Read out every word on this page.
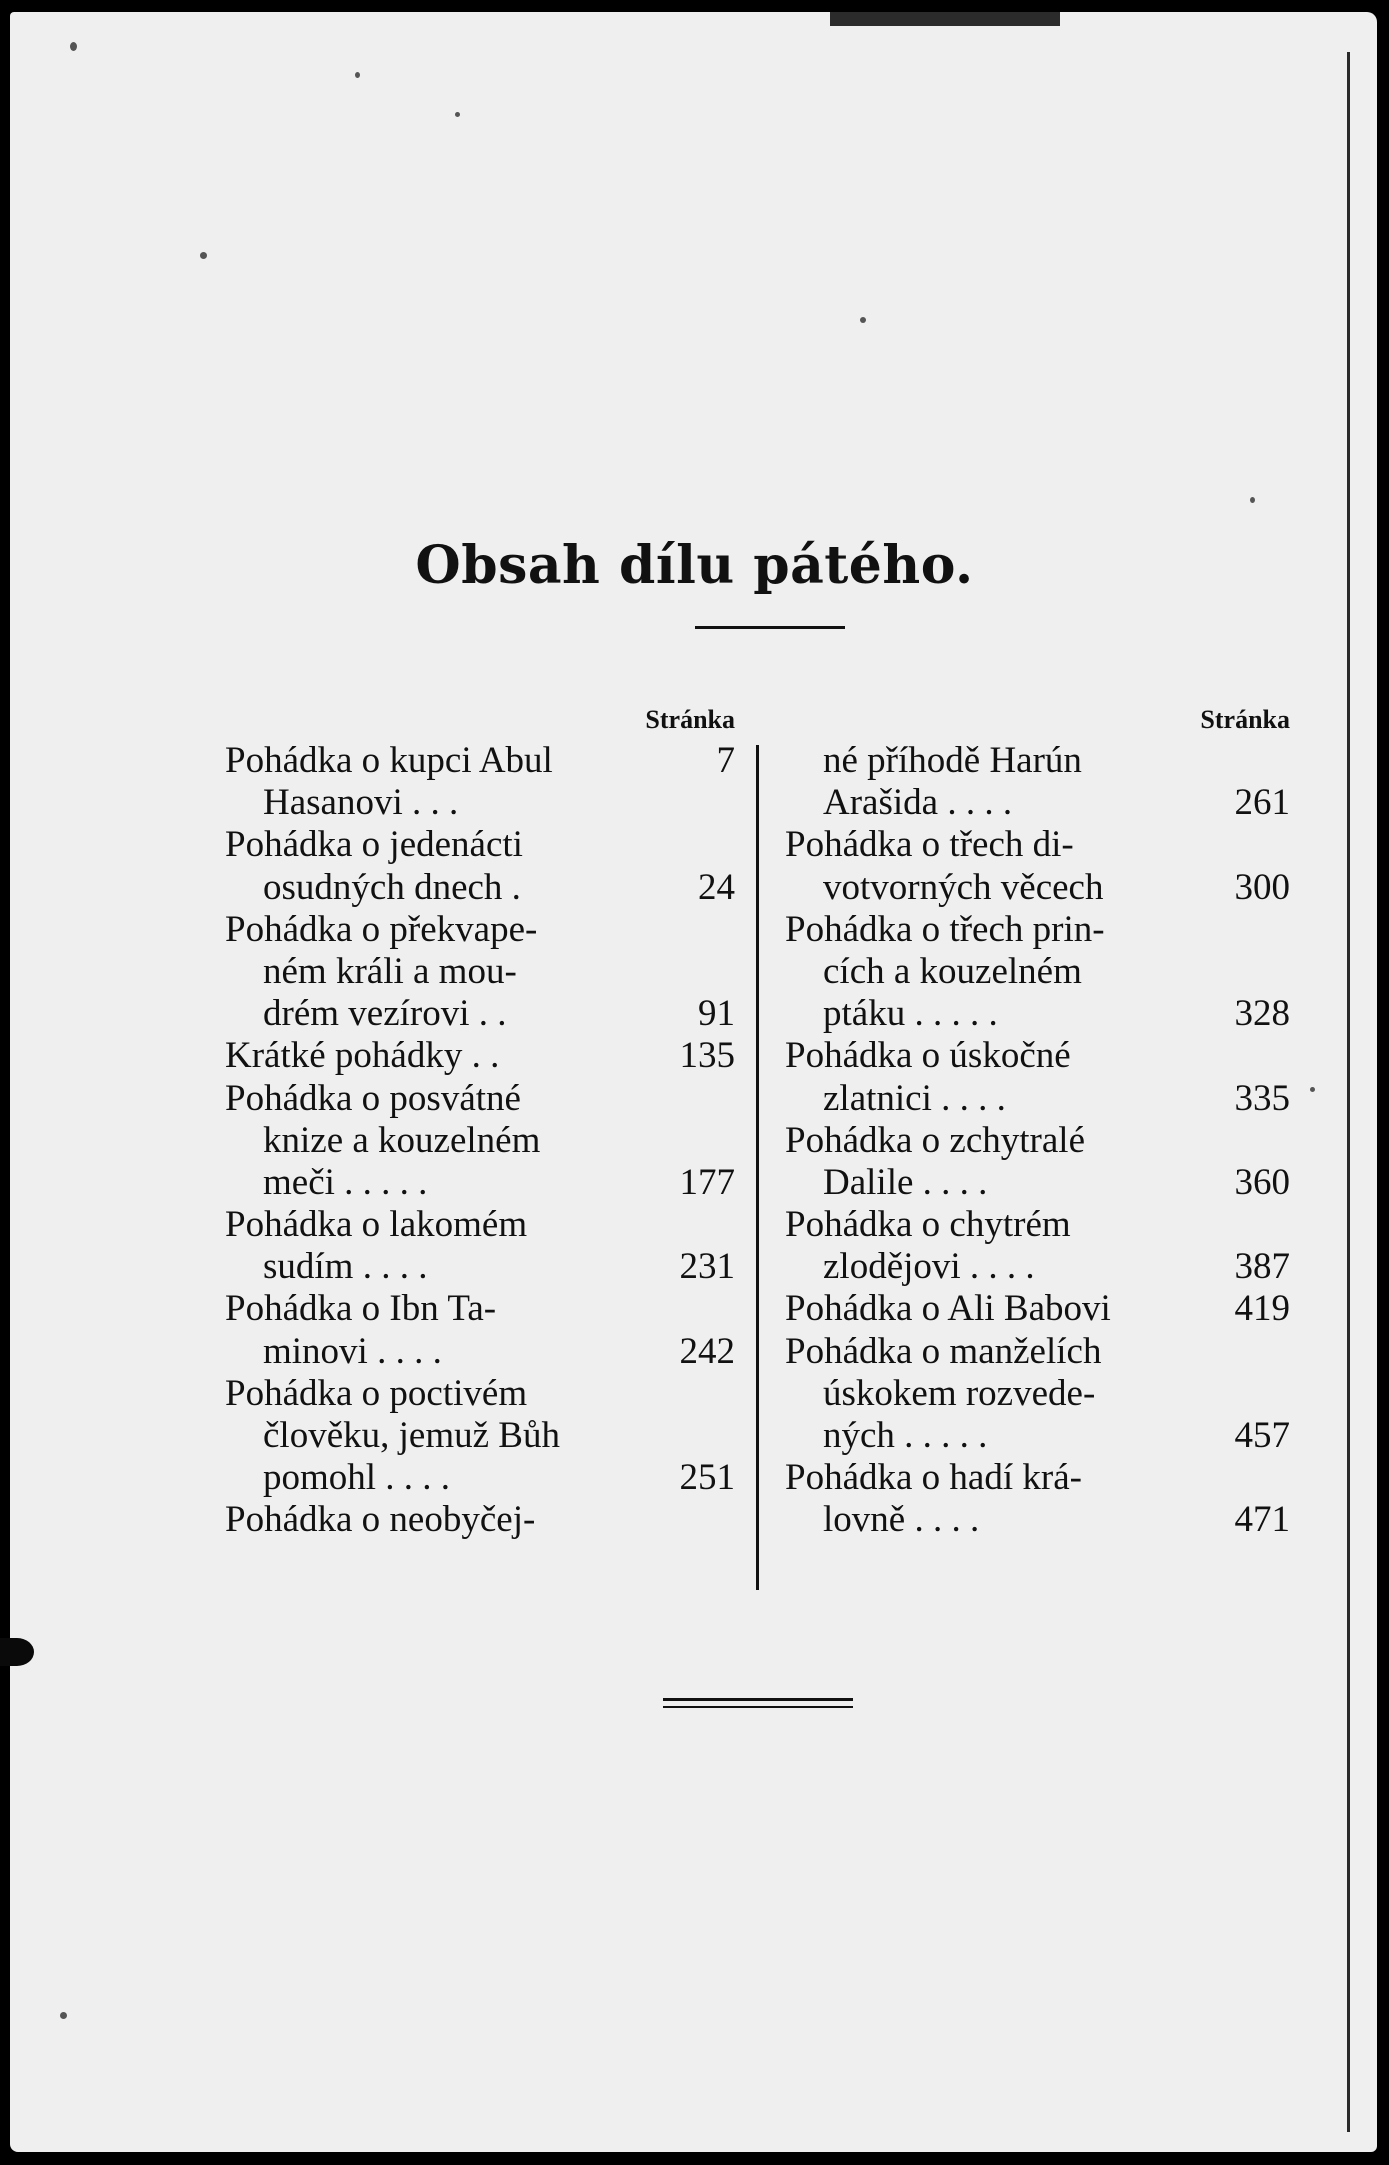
Obsah dílu pátého.
Stránka
Pohádka o kupci Abul	7
Hasanovi . . .
Pohádka o jedenácti
osudných dnech .	24
Pohádka o překvape-
ném králi a mou-
drém vezírovi . .	91
Krátké pohádky . .	135
Pohádka o posvátné
knize a kouzelném
meči . . . . .	177
Pohádka o lakomém
sudím . . . .	231
Pohádka o Ibn Ta-
minovi . . . .	242
Pohádka o poctivém
člověku, jemuž Bůh
pomohl . . . .	251
Pohádka o neobyčej-
Stránka
né příhodě Harún
Arašida . . . .	261
Pohádka o třech di-
votvorných věcech	300
Pohádka o třech prin-
cích a kouzelném
ptáku . . . . .	328
Pohádka o úskočné
zlatnici . . . .	335
Pohádka o zchytralé
Dalile . . . .	360
Pohádka o chytrém
zlodějovi . . . .	387
Pohádka o Ali Babovi	419
Pohádka o manželích
úskokem rozvede-
ných . . . . .	457
Pohádka o hadí krá-
lovně . . . .	471
